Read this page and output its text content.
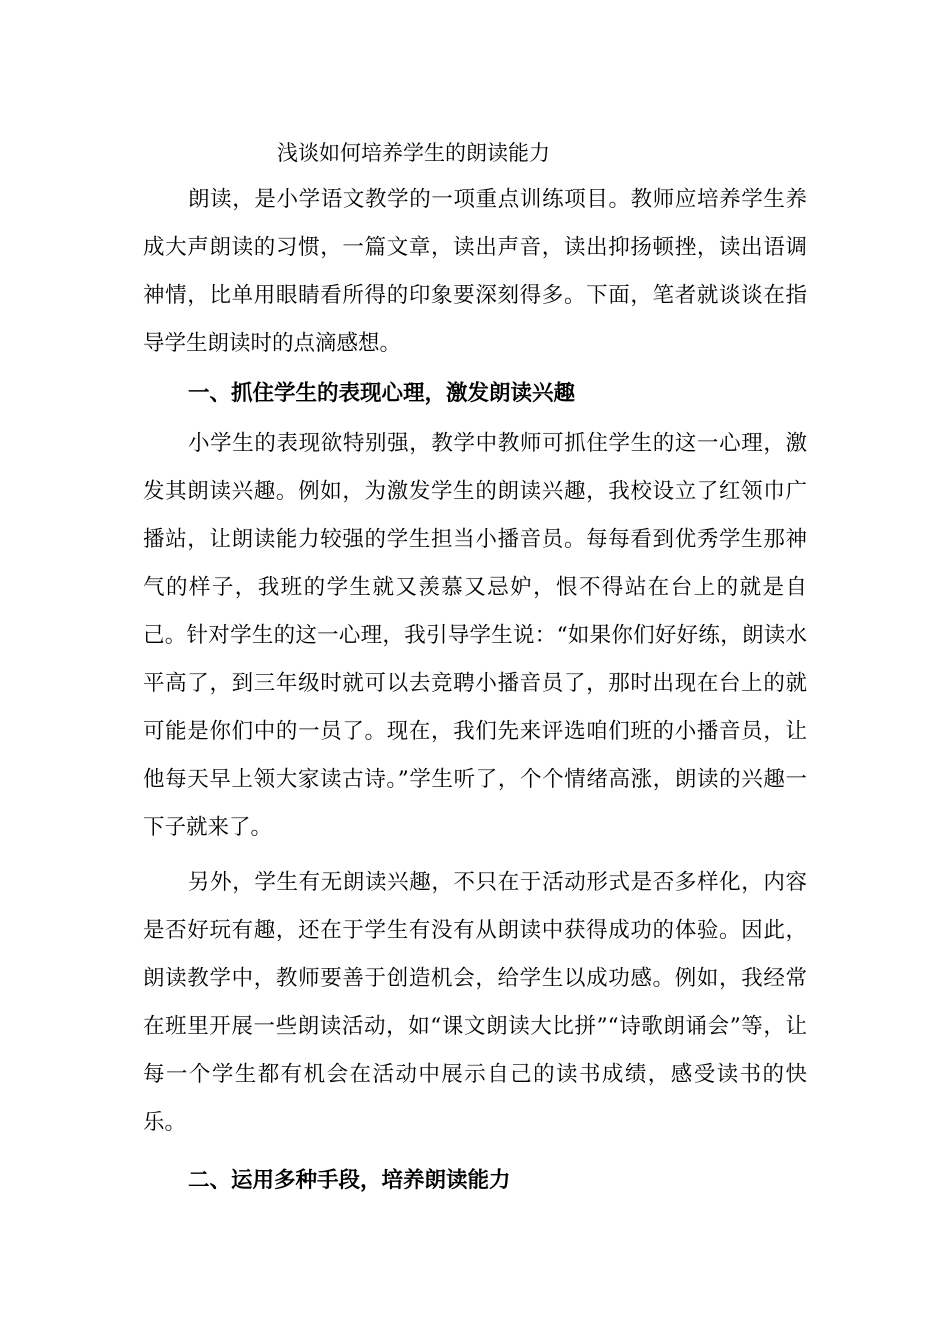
浅谈如何培养学生的朗读能力

朗读，是小学语文教学的一项重点训练项目。教师应培养学生养成大声朗读的习惯，一篇文章，读出声音，读出抑扬顿挫，读出语调神情，比单用眼睛看所得的印象要深刻得多。下面，笔者就谈谈在指导学生朗读时的点滴感想。

一、抓住学生的表现心理，激发朗读兴趣

小学生的表现欲特别强，教学中教师可抓住学生的这一心理，激发其朗读兴趣。例如，为激发学生的朗读兴趣，我校设立了红领巾广播站，让朗读能力较强的学生担当小播音员。每每看到优秀学生那神气的样子，我班的学生就又羡慕又忌妒，恨不得站在台上的就是自己。针对学生的这一心理，我引导学生说：“如果你们好好练，朗读水平高了，到三年级时就可以去竞聘小播音员了，那时出现在台上的就可能是你们中的一员了。现在，我们先来评选咱们班的小播音员，让他每天早上领大家读古诗。”学生听了，个个情绪高涨，朗读的兴趣一下子就来了。

另外，学生有无朗读兴趣，不只在于活动形式是否多样化，内容是否好玩有趣，还在于学生有没有从朗读中获得成功的体验。因此，朗读教学中，教师要善于创造机会，给学生以成功感。例如，我经常在班里开展一些朗读活动，如“课文朗读大比拼”“诗歌朗诵会”等，让每一个学生都有机会在活动中展示自己的读书成绩，感受读书的快乐。

二、运用多种手段，培养朗读能力
